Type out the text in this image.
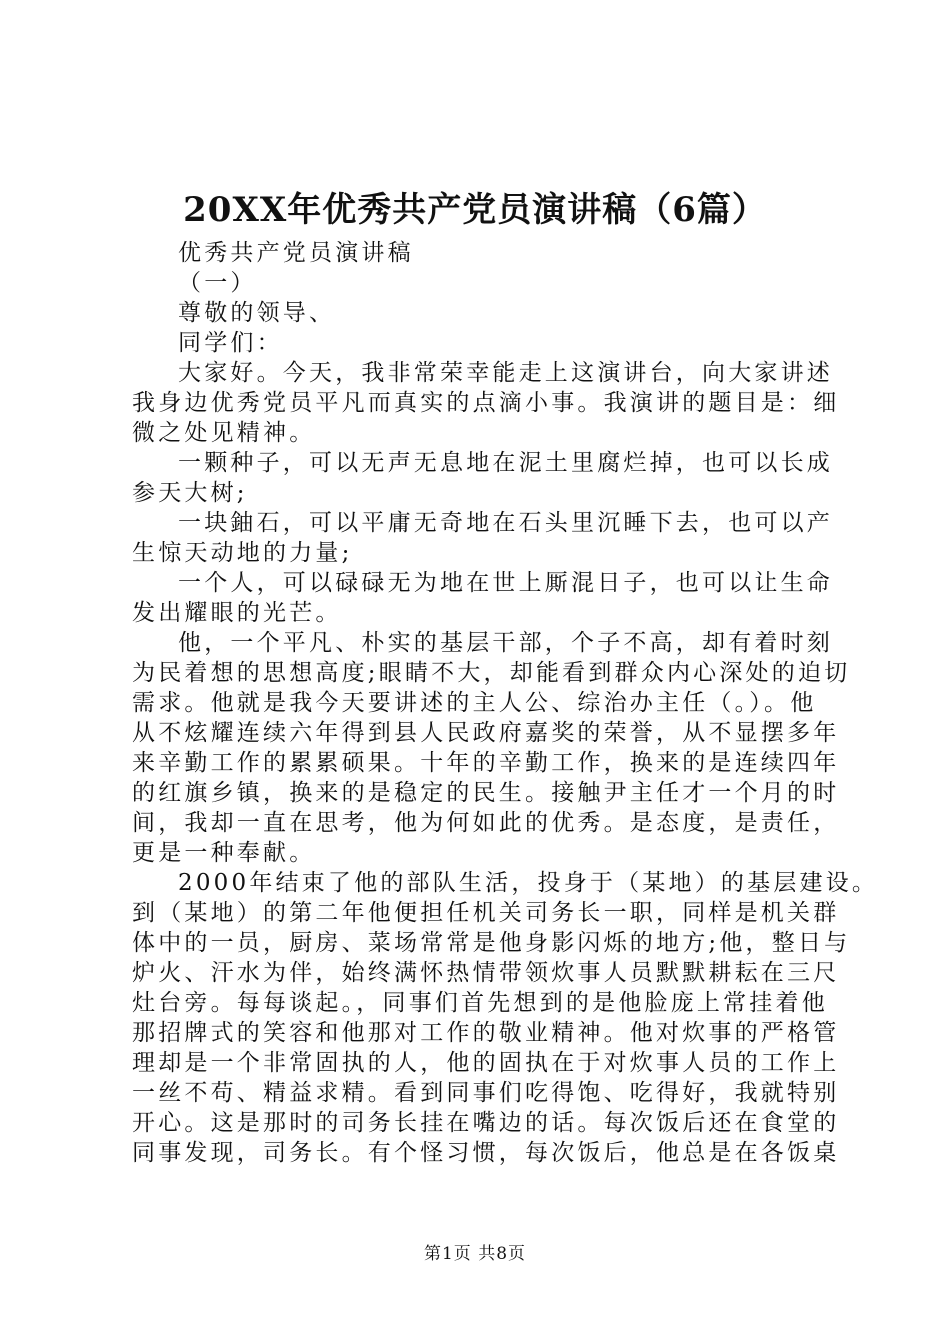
20XX年优秀共产党员演讲稿（6篇）
优秀共产党员演讲稿
（一）
尊敬的领导、
同学们：
大家好。今天，我非常荣幸能走上这演讲台，向大家讲述
我身边优秀党员平凡而真实的点滴小事。我演讲的题目是：细
微之处见精神。
一颗种子，可以无声无息地在泥土里腐烂掉，也可以长成
参天大树;
一块鈾石，可以平庸无奇地在石头里沉睡下去，也可以产
生惊天动地的力量;
一个人，可以碌碌无为地在世上厮混日子，也可以让生命
发出耀眼的光芒。
他，一个平凡、朴实的基层干部，个子不高，却有着时刻
为民着想的思想高度;眼睛不大，却能看到群众内心深处的迫切
需求。他就是我今天要讲述的主人公、综治办主任（。）。他
从不炫耀连续六年得到县人民政府嘉奖的荣誉，从不显摆多年
来辛勤工作的累累硕果。十年的辛勤工作，换来的是连续四年
的红旗乡镇，换来的是稳定的民生。接触尹主任才一个月的时
间，我却一直在思考，他为何如此的优秀。是态度，是责任，
更是一种奉献。
2000年结束了他的部队生活，投身于（某地）的基层建设。
到（某地）的第二年他便担任机关司务长一职，同样是机关群
体中的一员，厨房、菜场常常是他身影闪烁的地方;他，整日与
炉火、汗水为伴，始终满怀热情带领炊事人员默默耕耘在三尺
灶台旁。每每谈起。，同事们首先想到的是他脸庞上常挂着他
那招牌式的笑容和他那对工作的敬业精神。他对炊事的严格管
理却是一个非常固执的人，他的固执在于对炊事人员的工作上
一丝不苟、精益求精。看到同事们吃得饱、吃得好，我就特别
开心。这是那时的司务长挂在嘴边的话。每次饭后还在食堂的
同事发现，司务长。有个怪习惯，每次饭后，他总是在各饭桌
第1页 共8页
